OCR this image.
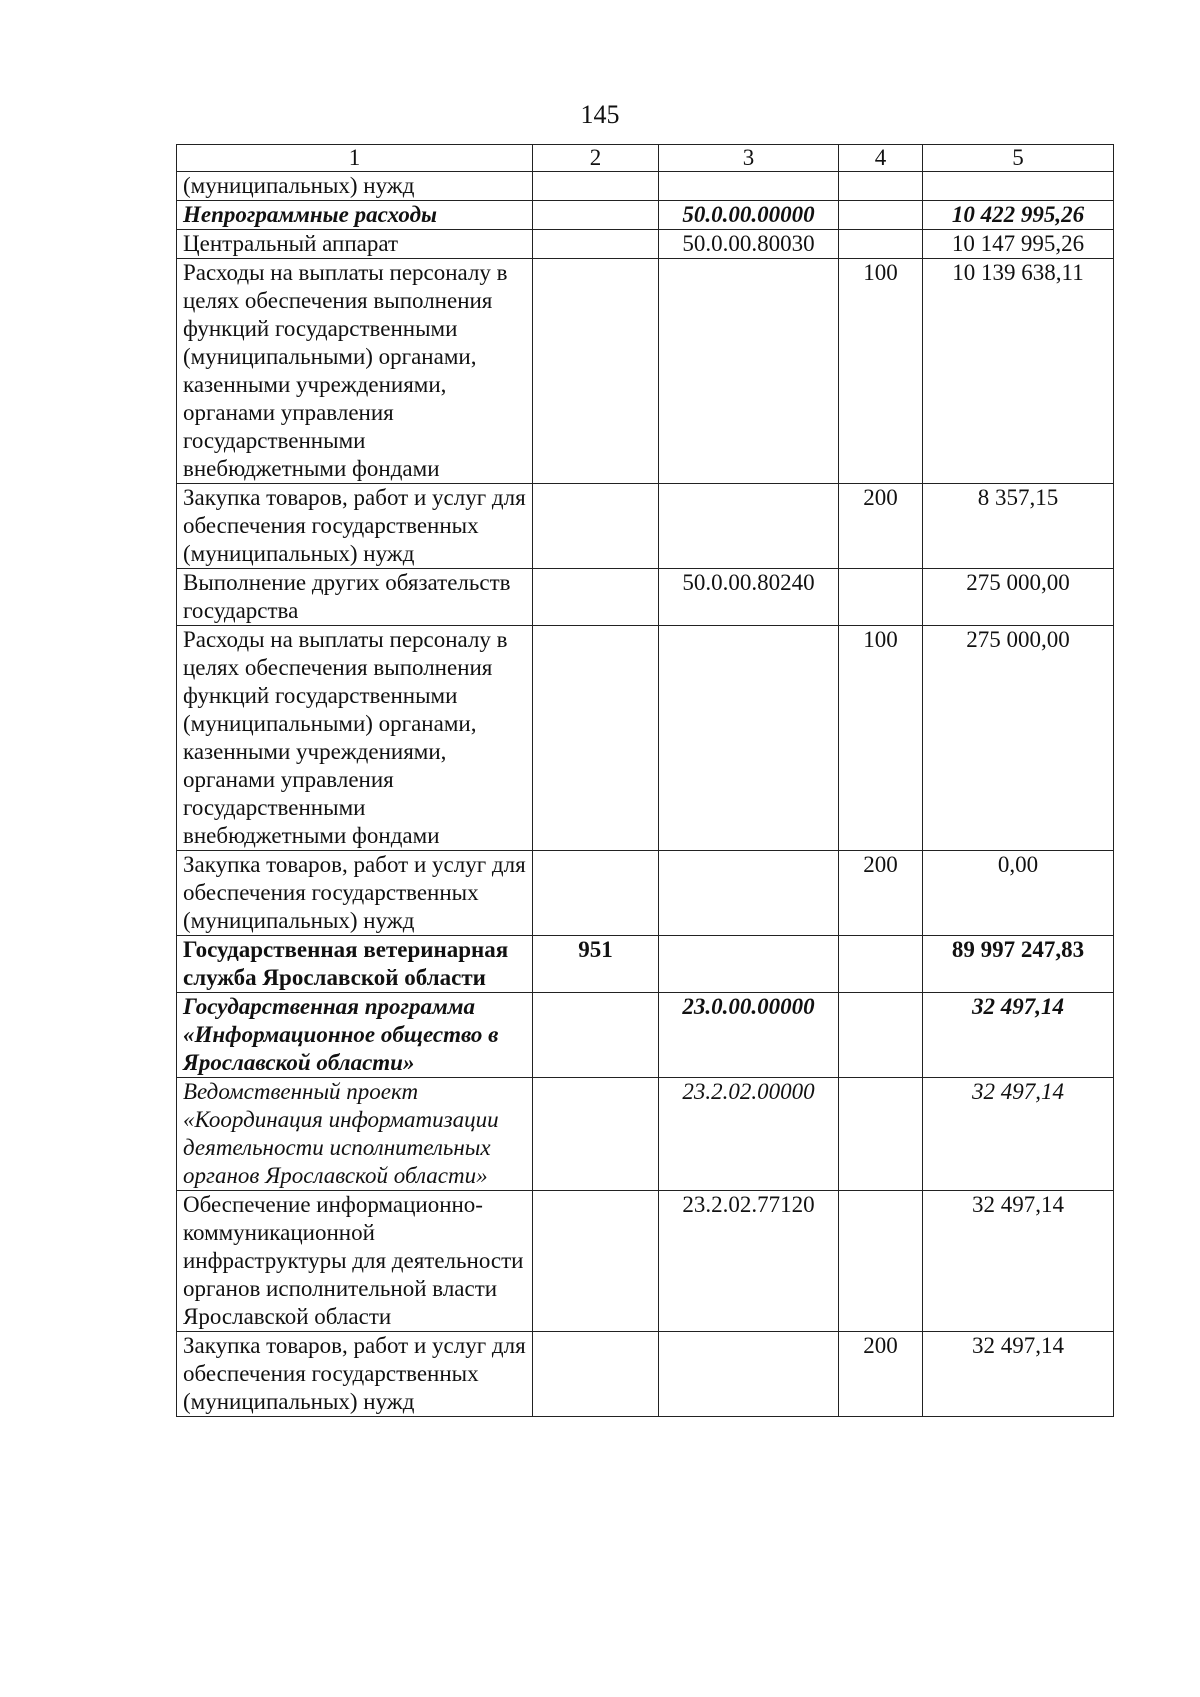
145
1	2	3	4	5
(муниципальных) нужд				
Непрограммные расходы		50.0.00.00000		10 422 995,26
Центральный аппарат		50.0.00.80030		10 147 995,26
Расходы на выплаты персоналу в целях обеспечения выполнения функций государственными (муниципальными) органами, казенными учреждениями, органами управления государственными внебюджетными фондами			100	10 139 638,11
Закупка товаров, работ и услуг для обеспечения государственных (муниципальных) нужд			200	8 357,15
Выполнение других обязательств государства		50.0.00.80240		275 000,00
Расходы на выплаты персоналу в целях обеспечения выполнения функций государственными (муниципальными) органами, казенными учреждениями, органами управления государственными внебюджетными фондами			100	275 000,00
Закупка товаров, работ и услуг для обеспечения государственных (муниципальных) нужд			200	0,00
Государственная ветеринарная служба Ярославской области	951			89 997 247,83
Государственная программа «Информационное общество в Ярославской области»		23.0.00.00000		32 497,14
Ведомственный проект «Координация информатизации деятельности исполнительных органов Ярославской области»		23.2.02.00000		32 497,14
Обеспечение информационно-коммуникационной инфраструктуры для деятельности органов исполнительной власти Ярославской области		23.2.02.77120		32 497,14
Закупка товаров, работ и услуг для обеспечения государственных (муниципальных) нужд			200	32 497,14
